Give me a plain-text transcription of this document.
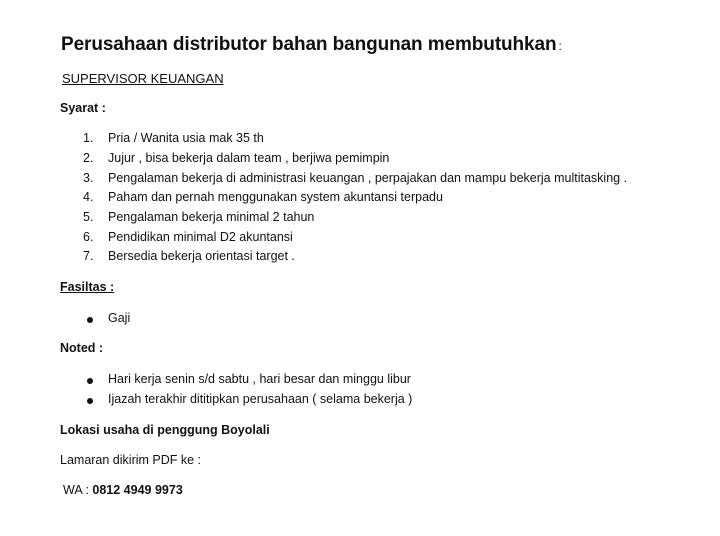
Perusahaan distributor bahan bangunan membutuhkan :
SUPERVISOR KEUANGAN
Syarat :
1. Pria / Wanita usia mak 35 th
2. Jujur , bisa bekerja dalam team , berjiwa pemimpin
3. Pengalaman bekerja di administrasi keuangan , perpajakan dan mampu bekerja multitasking .
4. Paham dan pernah menggunakan system akuntansi terpadu
5. Pengalaman bekerja minimal 2 tahun
6. Pendidikan minimal D2 akuntansi
7. Bersedia bekerja orientasi target .
Fasiltas :
Gaji
Noted :
Hari kerja senin s/d sabtu , hari besar dan minggu libur
Ijazah terakhir dititipkan perusahaan ( selama bekerja )
Lokasi usaha di penggung Boyolali
Lamaran dikirim PDF ke :
WA : 0812 4949 9973
